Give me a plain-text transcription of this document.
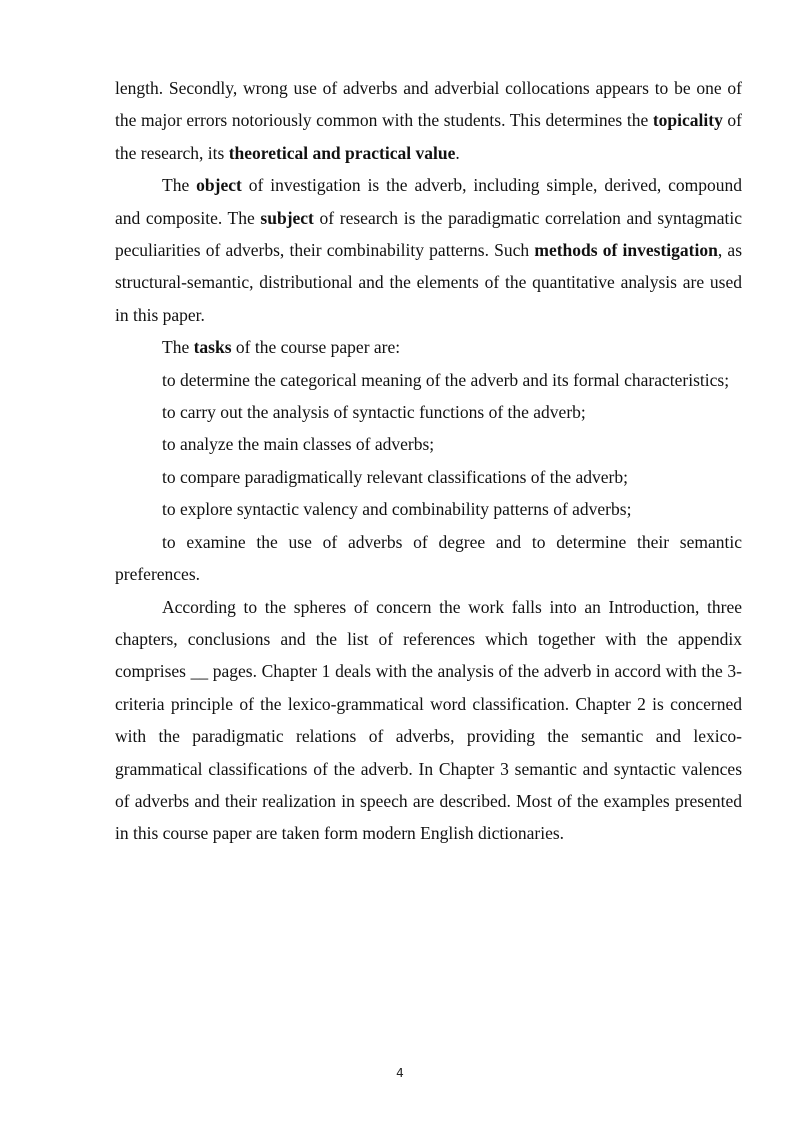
length. Secondly, wrong use of adverbs and adverbial collocations appears to be one of the major errors notoriously common with the students. This determines the topicality of the research, its theoretical and practical value.

The object of investigation is the adverb, including simple, derived, compound and composite. The subject of research is the paradigmatic correlation and syntagmatic peculiarities of adverbs, their combinability patterns. Such methods of investigation, as structural-semantic, distributional and the elements of the quantitative analysis are used in this paper.

The tasks of the course paper are:

to determine the categorical meaning of the adverb and its formal characteristics;

to carry out the analysis of syntactic functions of the adverb;

to analyze the main classes of adverbs;

to compare paradigmatically relevant classifications of the adverb;

to explore syntactic valency and combinability patterns of adverbs;

to examine the use of adverbs of degree and to determine their semantic preferences.

According to the spheres of concern the work falls into an Introduction, three chapters, conclusions and the list of references which together with the appendix comprises __ pages. Chapter 1 deals with the analysis of the adverb in accord with the 3-criteria principle of the lexico-grammatical word classification. Chapter 2 is concerned with the paradigmatic relations of adverbs, providing the semantic and lexico-grammatical classifications of the adverb. In Chapter 3 semantic and syntactic valences of adverbs and their realization in speech are described. Most of the examples presented in this course paper are taken form modern English dictionaries.

4
